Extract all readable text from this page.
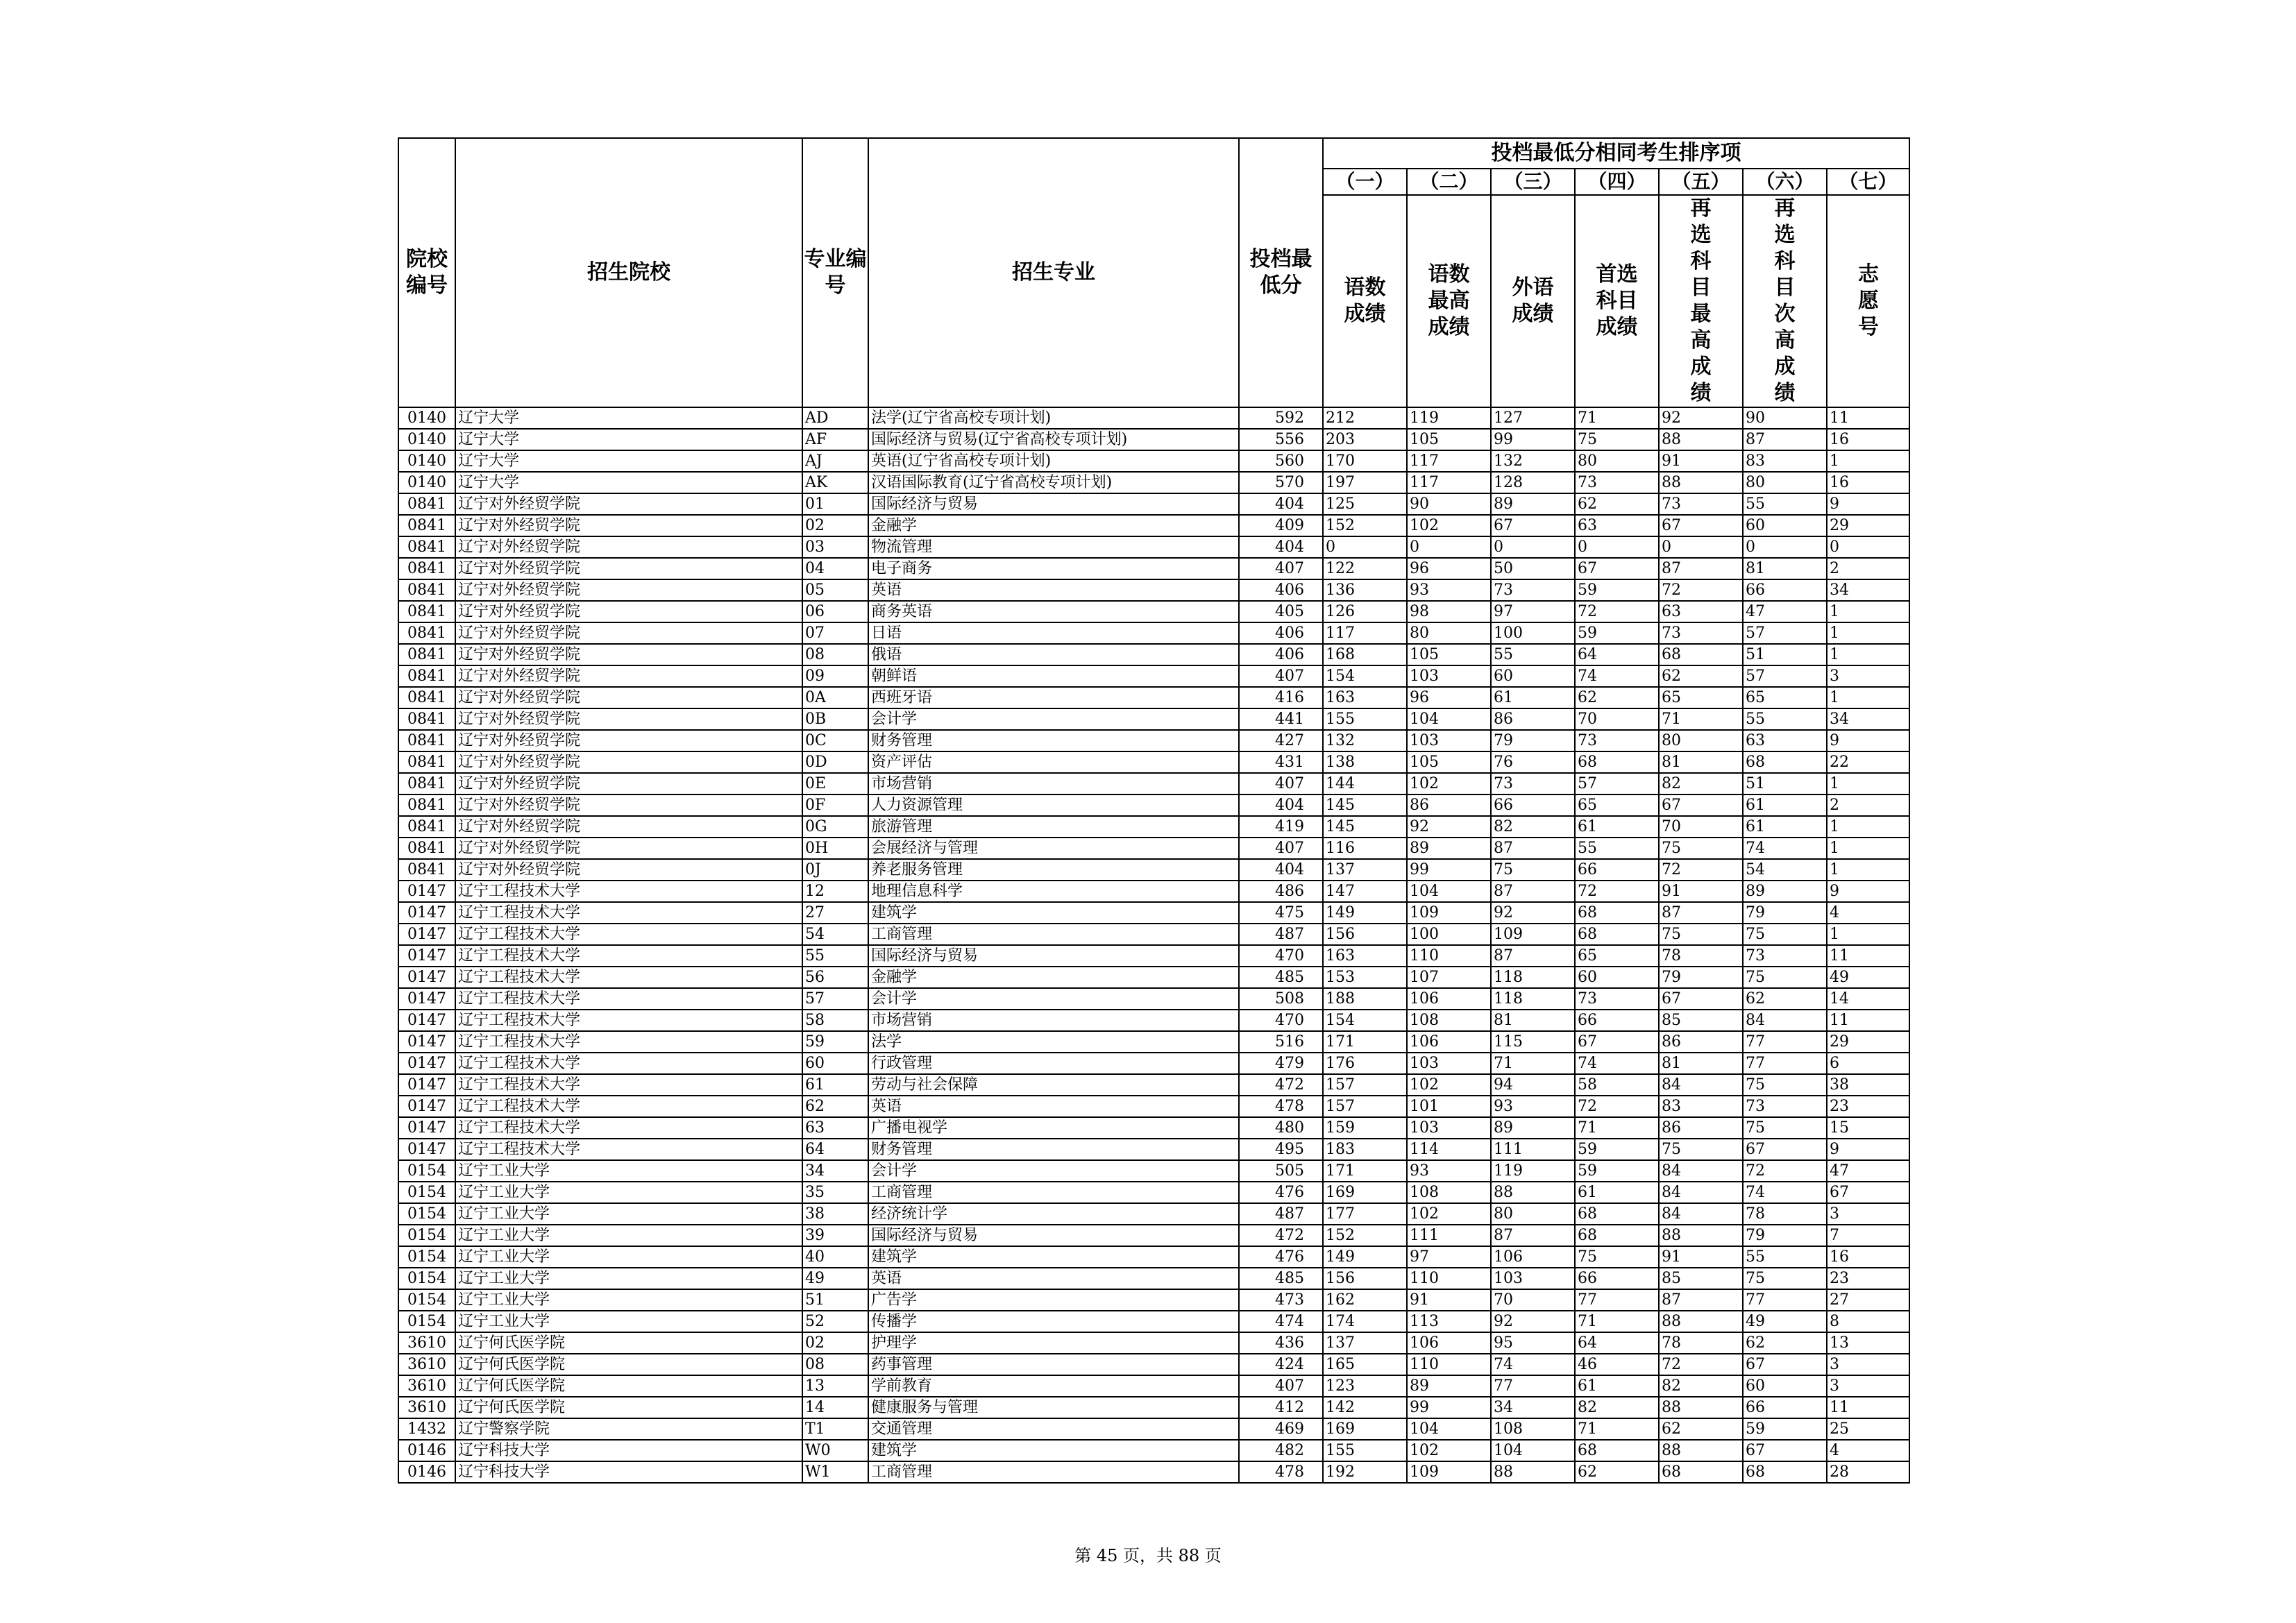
院校编号	招生院校	专业编号	招生专业	投档最低分	投档最低分相同考生排序项						
					（一）	（二）	（三）	（四）	（五）	（六）	（七）
					语数成绩	语数最高成绩	外语成绩	首选科目成绩	再选科目最高成绩	再选科目次高成绩	志愿号
0140	辽宁大学	AD	法学(辽宁省高校专项计划)	592	212	119	127	71	92	90	11
0140	辽宁大学	AF	国际经济与贸易(辽宁省高校专项计划)	556	203	105	99	75	88	87	16
0140	辽宁大学	AJ	英语(辽宁省高校专项计划)	560	170	117	132	80	91	83	1
0140	辽宁大学	AK	汉语国际教育(辽宁省高校专项计划)	570	197	117	128	73	88	80	16
0841	辽宁对外经贸学院	01	国际经济与贸易	404	125	90	89	62	73	55	9
0841	辽宁对外经贸学院	02	金融学	409	152	102	67	63	67	60	29
0841	辽宁对外经贸学院	03	物流管理	404	0	0	0	0	0	0	0
0841	辽宁对外经贸学院	04	电子商务	407	122	96	50	67	87	81	2
0841	辽宁对外经贸学院	05	英语	406	136	93	73	59	72	66	34
0841	辽宁对外经贸学院	06	商务英语	405	126	98	97	72	63	47	1
0841	辽宁对外经贸学院	07	日语	406	117	80	100	59	73	57	1
0841	辽宁对外经贸学院	08	俄语	406	168	105	55	64	68	51	1
0841	辽宁对外经贸学院	09	朝鲜语	407	154	103	60	74	62	57	3
0841	辽宁对外经贸学院	0A	西班牙语	416	163	96	61	62	65	65	1
0841	辽宁对外经贸学院	0B	会计学	441	155	104	86	70	71	55	34
0841	辽宁对外经贸学院	0C	财务管理	427	132	103	79	73	80	63	9
0841	辽宁对外经贸学院	0D	资产评估	431	138	105	76	68	81	68	22
0841	辽宁对外经贸学院	0E	市场营销	407	144	102	73	57	82	51	1
0841	辽宁对外经贸学院	0F	人力资源管理	404	145	86	66	65	67	61	2
0841	辽宁对外经贸学院	0G	旅游管理	419	145	92	82	61	70	61	1
0841	辽宁对外经贸学院	0H	会展经济与管理	407	116	89	87	55	75	74	1
0841	辽宁对外经贸学院	0J	养老服务管理	404	137	99	75	66	72	54	1
0147	辽宁工程技术大学	12	地理信息科学	486	147	104	87	72	91	89	9
0147	辽宁工程技术大学	27	建筑学	475	149	109	92	68	87	79	4
0147	辽宁工程技术大学	54	工商管理	487	156	100	109	68	75	75	1
0147	辽宁工程技术大学	55	国际经济与贸易	470	163	110	87	65	78	73	11
0147	辽宁工程技术大学	56	金融学	485	153	107	118	60	79	75	49
0147	辽宁工程技术大学	57	会计学	508	188	106	118	73	67	62	14
0147	辽宁工程技术大学	58	市场营销	470	154	108	81	66	85	84	11
0147	辽宁工程技术大学	59	法学	516	171	106	115	67	86	77	29
0147	辽宁工程技术大学	60	行政管理	479	176	103	71	74	81	77	6
0147	辽宁工程技术大学	61	劳动与社会保障	472	157	102	94	58	84	75	38
0147	辽宁工程技术大学	62	英语	478	157	101	93	72	83	73	23
0147	辽宁工程技术大学	63	广播电视学	480	159	103	89	71	86	75	15
0147	辽宁工程技术大学	64	财务管理	495	183	114	111	59	75	67	9
0154	辽宁工业大学	34	会计学	505	171	93	119	59	84	72	47
0154	辽宁工业大学	35	工商管理	476	169	108	88	61	84	74	67
0154	辽宁工业大学	38	经济统计学	487	177	102	80	68	84	78	3
0154	辽宁工业大学	39	国际经济与贸易	472	152	111	87	68	88	79	7
0154	辽宁工业大学	40	建筑学	476	149	97	106	75	91	55	16
0154	辽宁工业大学	49	英语	485	156	110	103	66	85	75	23
0154	辽宁工业大学	51	广告学	473	162	91	70	77	87	77	27
0154	辽宁工业大学	52	传播学	474	174	113	92	71	88	49	8
3610	辽宁何氏医学院	02	护理学	436	137	106	95	64	78	62	13
3610	辽宁何氏医学院	08	药事管理	424	165	110	74	46	72	67	3
3610	辽宁何氏医学院	13	学前教育	407	123	89	77	61	82	60	3
3610	辽宁何氏医学院	14	健康服务与管理	412	142	99	34	82	88	66	11
1432	辽宁警察学院	T1	交通管理	469	169	104	108	71	62	59	25
0146	辽宁科技大学	W0	建筑学	482	155	102	104	68	88	67	4
0146	辽宁科技大学	W1	工商管理	478	192	109	88	62	68	68	28
第 45 页，共 88 页
